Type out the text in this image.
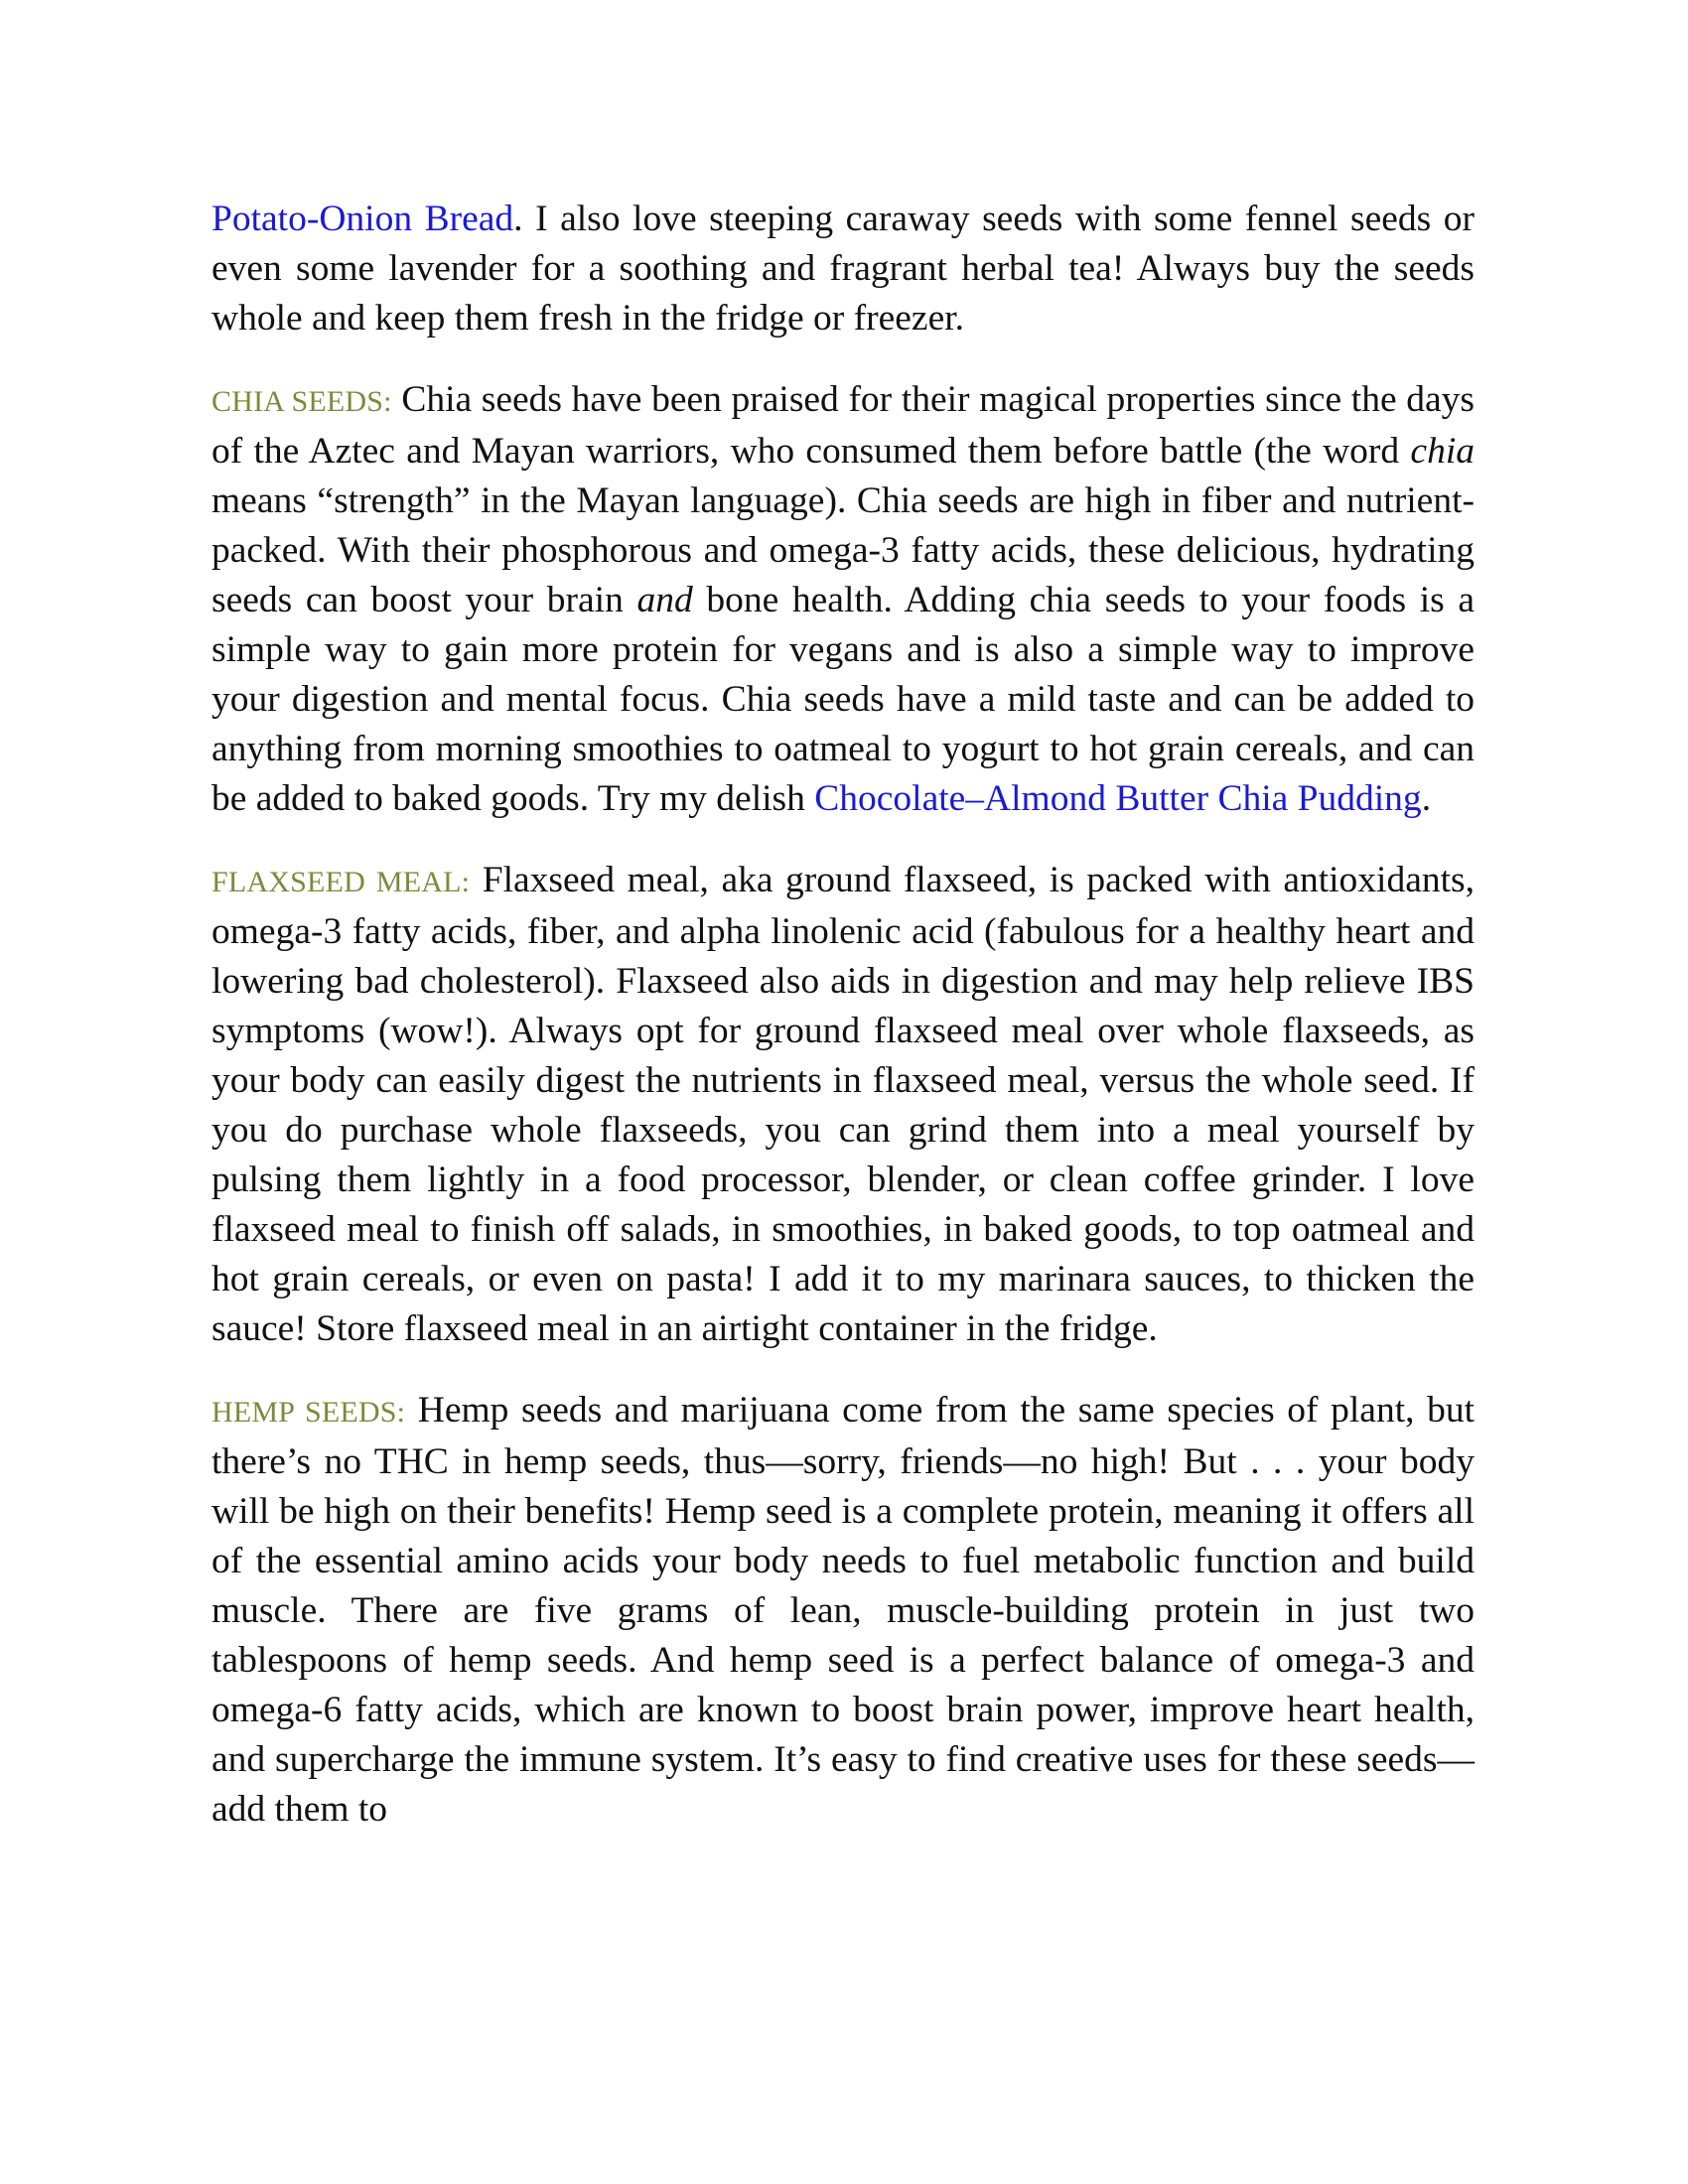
Potato-Onion Bread. I also love steeping caraway seeds with some fennel seeds or even some lavender for a soothing and fragrant herbal tea! Always buy the seeds whole and keep them fresh in the fridge or freezer.

CHIA SEEDS: Chia seeds have been praised for their magical properties since the days of the Aztec and Mayan warriors, who consumed them before battle (the word chia means “strength” in the Mayan language). Chia seeds are high in fiber and nutrient-packed. With their phosphorous and omega-3 fatty acids, these delicious, hydrating seeds can boost your brain and bone health. Adding chia seeds to your foods is a simple way to gain more protein for vegans and is also a simple way to improve your digestion and mental focus. Chia seeds have a mild taste and can be added to anything from morning smoothies to oatmeal to yogurt to hot grain cereals, and can be added to baked goods. Try my delish Chocolate–Almond Butter Chia Pudding.

FLAXSEED MEAL: Flaxseed meal, aka ground flaxseed, is packed with antioxidants, omega-3 fatty acids, fiber, and alpha linolenic acid (fabulous for a healthy heart and lowering bad cholesterol). Flaxseed also aids in digestion and may help relieve IBS symptoms (wow!). Always opt for ground flaxseed meal over whole flaxseeds, as your body can easily digest the nutrients in flaxseed meal, versus the whole seed. If you do purchase whole flaxseeds, you can grind them into a meal yourself by pulsing them lightly in a food processor, blender, or clean coffee grinder. I love flaxseed meal to finish off salads, in smoothies, in baked goods, to top oatmeal and hot grain cereals, or even on pasta! I add it to my marinara sauces, to thicken the sauce! Store flaxseed meal in an airtight container in the fridge.

HEMP SEEDS: Hemp seeds and marijuana come from the same species of plant, but there’s no THC in hemp seeds, thus—sorry, friends—no high! But . . . your body will be high on their benefits! Hemp seed is a complete protein, meaning it offers all of the essential amino acids your body needs to fuel metabolic function and build muscle. There are five grams of lean, muscle-building protein in just two tablespoons of hemp seeds. And hemp seed is a perfect balance of omega-3 and omega-6 fatty acids, which are known to boost brain power, improve heart health, and supercharge the immune system. It’s easy to find creative uses for these seeds—add them to
